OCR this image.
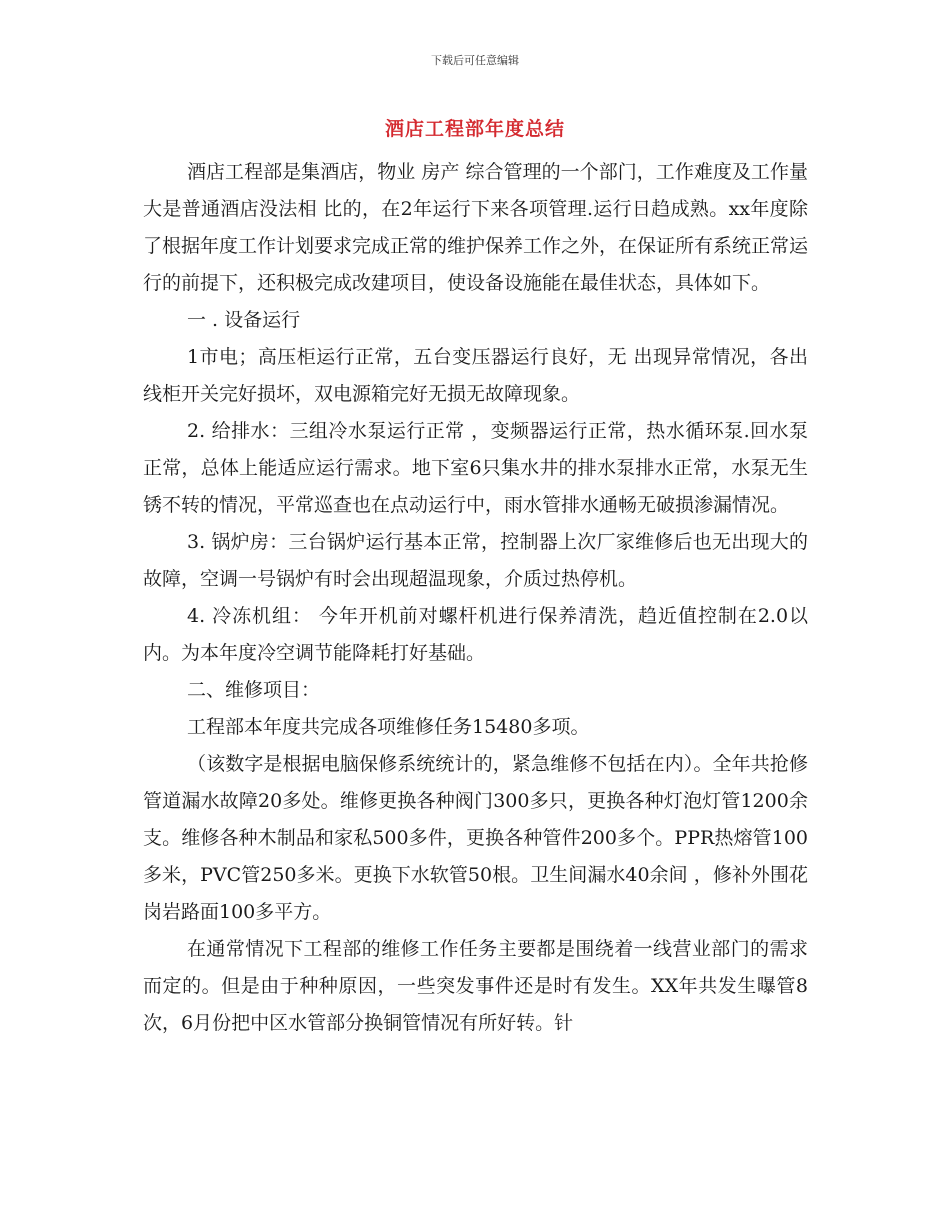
下载后可任意编辑
酒店工程部年度总结

酒店工程部是集酒店，物业 房产 综合管理的一个部门，工作难度及工作量大是普通酒店没法相 比的，在2年运行下来各项管理.运行日趋成熟。xx年度除了根据年度工作计划要求完成正常的维护保养工作之外，在保证所有系统正常运行的前提下，还积极完成改建项目，使设备设施能在最佳状态，具体如下。

一 . 设备运行

1市电；高压柜运行正常，五台变压器运行良好，无 出现异常情况，各出线柜开关完好损坏，双电源箱完好无损无故障现象。

2. 给排水：三组冷水泵运行正常 ，变频器运行正常，热水循环泵.回水泵正常，总体上能适应运行需求。地下室6只集水井的排水泵排水正常，水泵无生锈不转的情况，平常巡查也在点动运行中，雨水管排水通畅无破损渗漏情况。

3. 锅炉房：三台锅炉运行基本正常，控制器上次厂家维修后也无出现大的故障，空调一号锅炉有时会出现超温现象，介质过热停机。

4. 冷冻机组： 今年开机前对螺杆机进行保养清洗，趋近值控制在2.0以内。为本年度冷空调节能降耗打好基础。

二、维修项目：

工程部本年度共完成各项维修任务15480多项。

（该数字是根据电脑保修系统统计的，紧急维修不包括在内）。全年共抢修管道漏水故障20多处。维修更换各种阀门300多只，更换各种灯泡灯管1200余支。维修各种木制品和家私500多件，更换各种管件200多个。PPR热熔管100多米，PVC管250多米。更换下水软管50根。卫生间漏水40余间 ，修补外围花岗岩路面100多平方。

在通常情况下工程部的维修工作任务主要都是围绕着一线营业部门的需求而定的。但是由于种种原因，一些突发事件还是时有发生。XX年共发生曝管8次，6月份把中区水管部分换铜管情况有所好转。针
